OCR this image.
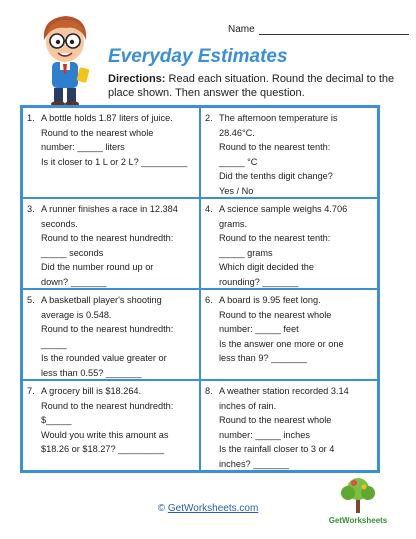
Name
Everyday Estimates
Directions: Read each situation. Round the decimal to the place shown. Then answer the question.
1. A bottle holds 1.87 liters of juice.
Round to the nearest whole
number: _____ liters
Is it closer to 1 L or 2 L? _________
2. The afternoon temperature is
28.46°C.
Round to the nearest tenth:
_____ °C
Did the tenths digit change?
Yes / No
3. A runner finishes a race in 12.384
seconds.
Round to the nearest hundredth:
_____ seconds
Did the number round up or
down? _______
4. A science sample weighs 4.706
grams.
Round to the nearest tenth:
_____ grams
Which digit decided the
rounding? _______
5. A basketball player's shooting
average is 0.548.
Round to the nearest hundredth:
_____
Is the rounded value greater or
less than 0.55? _______
6. A board is 9.95 feet long.
Round to the nearest whole
number: _____ feet
Is the answer one more or one
less than 9? _______
7. A grocery bill is $18.264.
Round to the nearest hundredth:
$_____
Would you write this amount as
$18.26 or $18.27? _________
8. A weather station recorded 3.14
inches of rain.
Round to the nearest whole
number: _____ inches
Is the rainfall closer to 3 or 4
inches? _______
© GetWorksheets.com
GetWorksheets
